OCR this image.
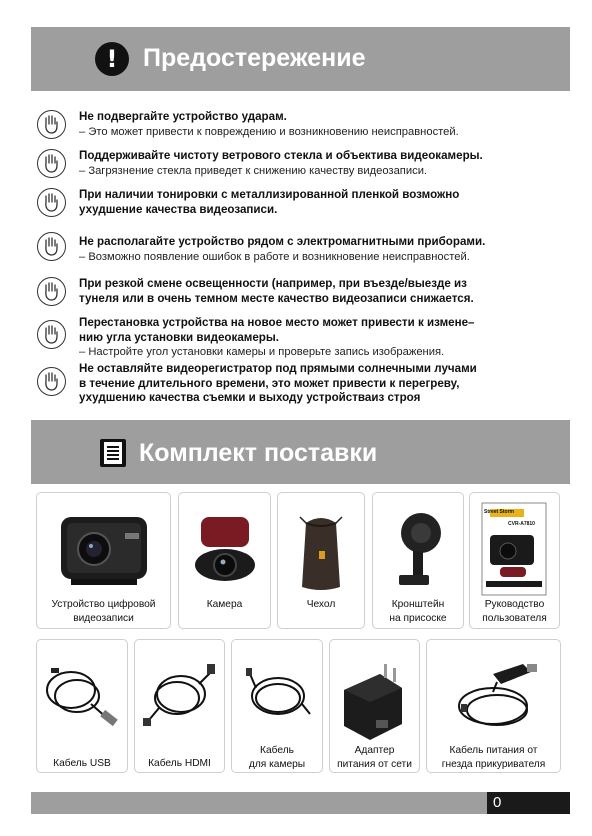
!	Предостережение
Не подвергайте устройство ударам.
– Это может привести к повреждению и возникновению неисправностей.
Поддерживайте чистоту ветрового стекла и объектива видеокамеры.
– Загрязнение стекла приведет к снижению качеству видеозаписи.
При наличии тонировки с металлизированной пленкой возможно
ухудшение качества видеозаписи.
Не располагайте устройство рядом с электромагнитными приборами.
– Возможно появление ошибок в работе и возникновение неисправностей.
При резкой смене освещенности (например, при въезде/выезде из
тунеля или в очень темном месте качество видеозаписи снижается.
Перестановка устройства на новое место может привести к измене–
нию угла установки видеокамеры.
– Настройте угол установки камеры и проверьте запись изображения.
Не оставляйте видеорегистратор под прямыми солнечными лучами
в течение длительного времени, это может привести к перегреву,
ухудшению качества съемки и выходу устройстваиз строя
Комплект поставки
Устройство цифровой
видеозаписи
Камера	Чехол	Кронштейн
на присоске
Street Storm
CVR-A7810
Руководство
пользователя
Кабель USB	Кабель HDMI
Кабель
для камеры
Адаптер
питания от сети
Кабель питания от
гнезда прикуривателя
0
